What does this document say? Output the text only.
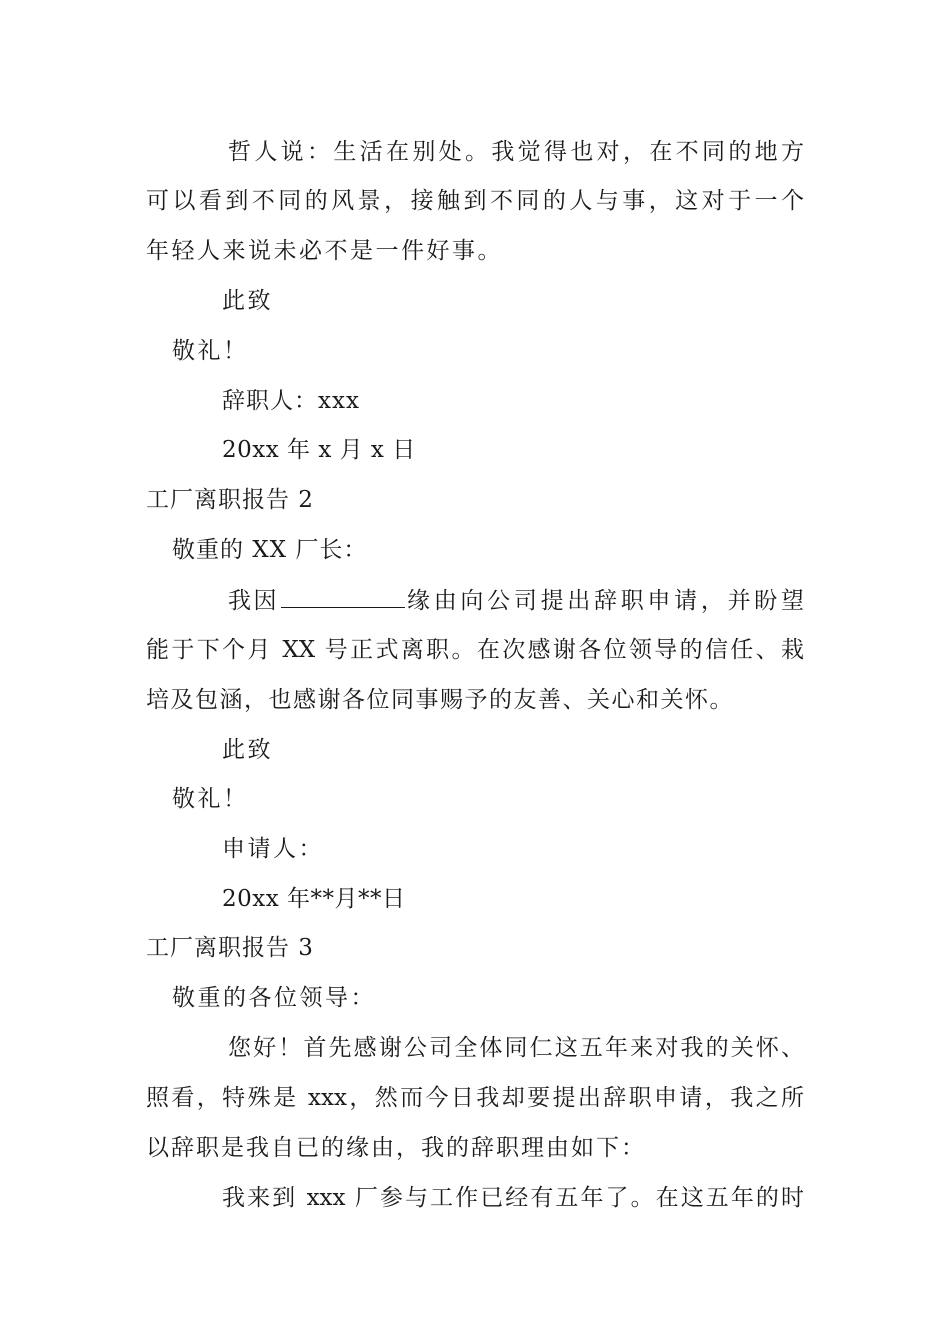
哲人说：生活在别处。我觉得也对，在不同的地方
可以看到不同的风景，接触到不同的人与事，这对于一个
年轻人来说未必不是一件好事。
此致
敬礼！
辞职人：xxx
20xx 年 x 月 x 日
工厂离职报告 2
敬重的 XX 厂长：
我因	缘由向公司提出辞职申请，并盼望
能于下个月 XX 号正式离职。在次感谢各位领导的信任、栽
培及包涵，也感谢各位同事赐予的友善、关心和关怀。
此致
敬礼！
申请人：
20xx 年**月**日
工厂离职报告 3
敬重的各位领导：
您好！首先感谢公司全体同仁这五年来对我的关怀、
照看，特殊是 xxx，然而今日我却要提出辞职申请，我之所
以辞职是我自已的缘由，我的辞职理由如下：
我来到 xxx 厂参与工作已经有五年了。在这五年的时
